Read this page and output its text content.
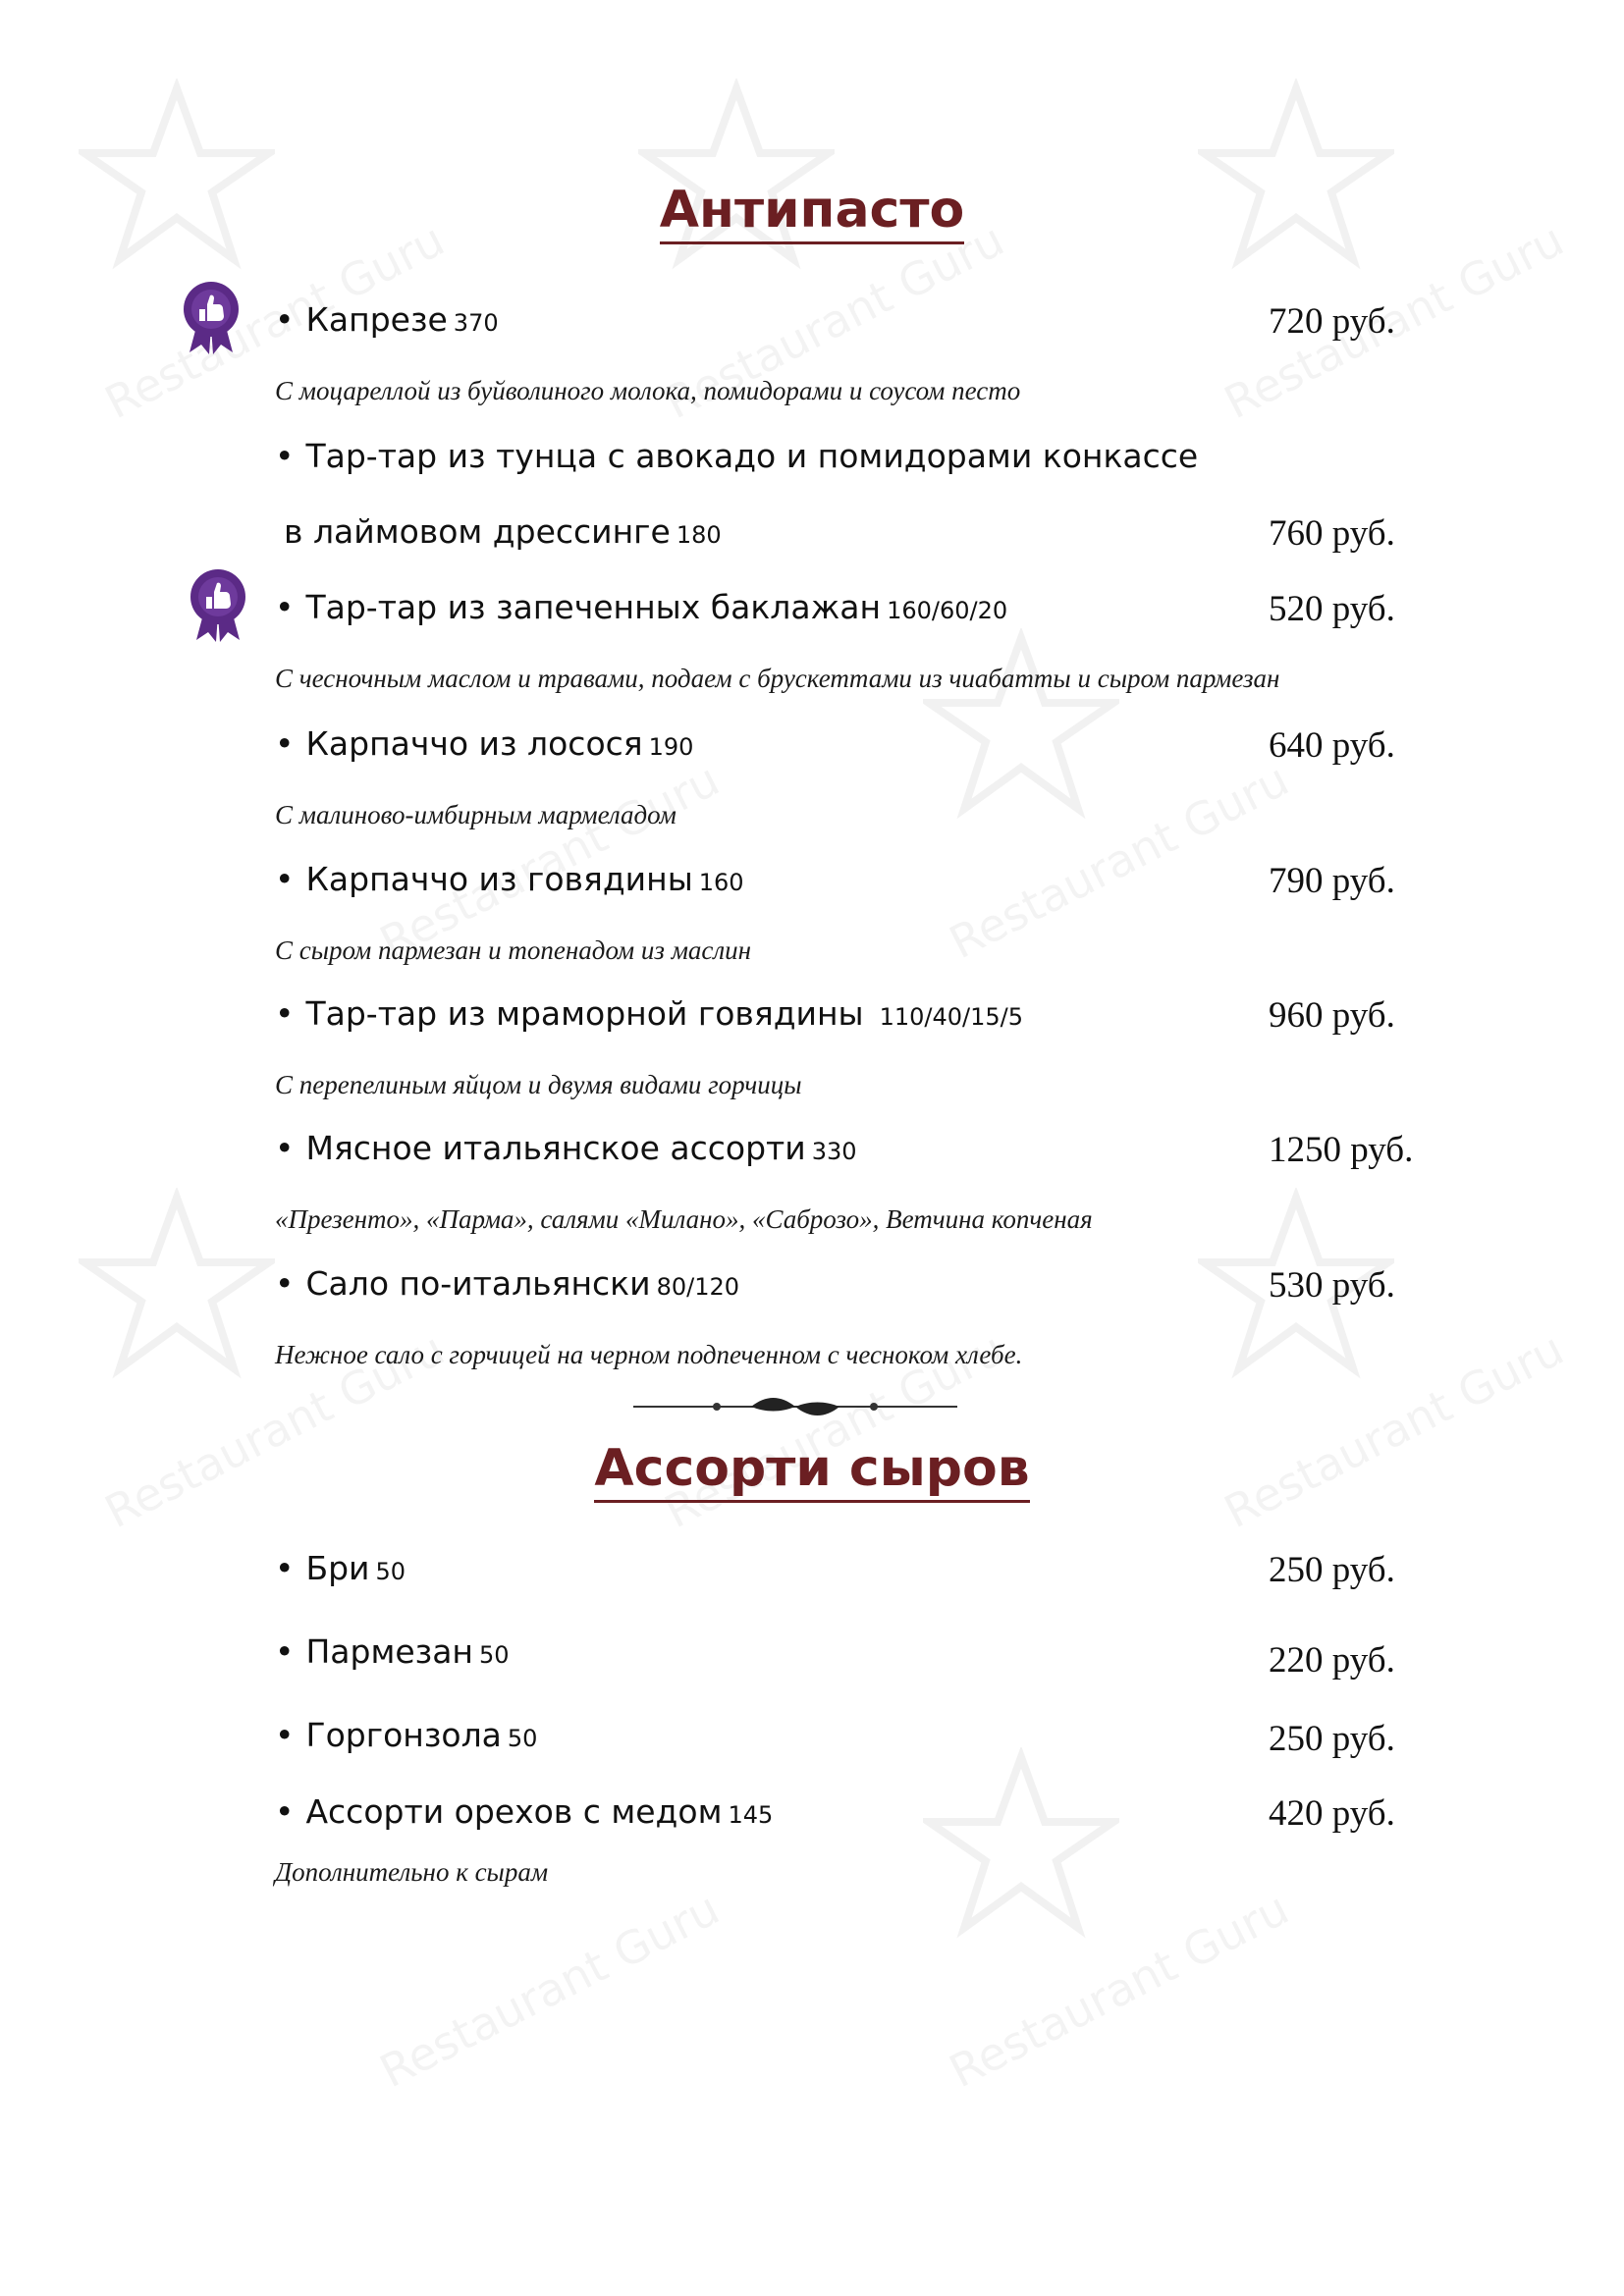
Антипасто
• Капрезе 370	720 руб.
С моцареллой из буйволиного молока, помидорами и соусом песто
• Тар-тар из тунца с авокадо и помидорами конкассе
в лаймовом дрессинге 180	760 руб.
• Тар-тар из запеченных баклажан 160/60/20	520 руб.
С чесночным маслом и травами, подаем с брускеттами из чиабатты и сыром пармезан
• Карпаччо из лосося 190	640 руб.
С малиново-имбирным мармеладом
• Карпаччо из говядины 160	790 руб.
С сыром пармезан и топенадом из маслин
• Тар-тар из мраморной говядины 110/40/15/5	960 руб.
С перепелиным яйцом и двумя видами горчицы
• Мясное итальянское ассорти 330	1250 руб.
«Презенто», «Парма», салями «Милано», «Саброзо», Ветчина копченая
• Сало по-итальянски 80/120	530 руб.
Нежное сало с горчицей на черном подпеченном с чесноком хлебе.
Ассорти сыров
• Бри 50	250 руб.
• Пармезан 50	220 руб.
• Горгонзола 50	250 руб.
• Ассорти орехов с медом 145	420 руб.
Дополнительно к сырам
